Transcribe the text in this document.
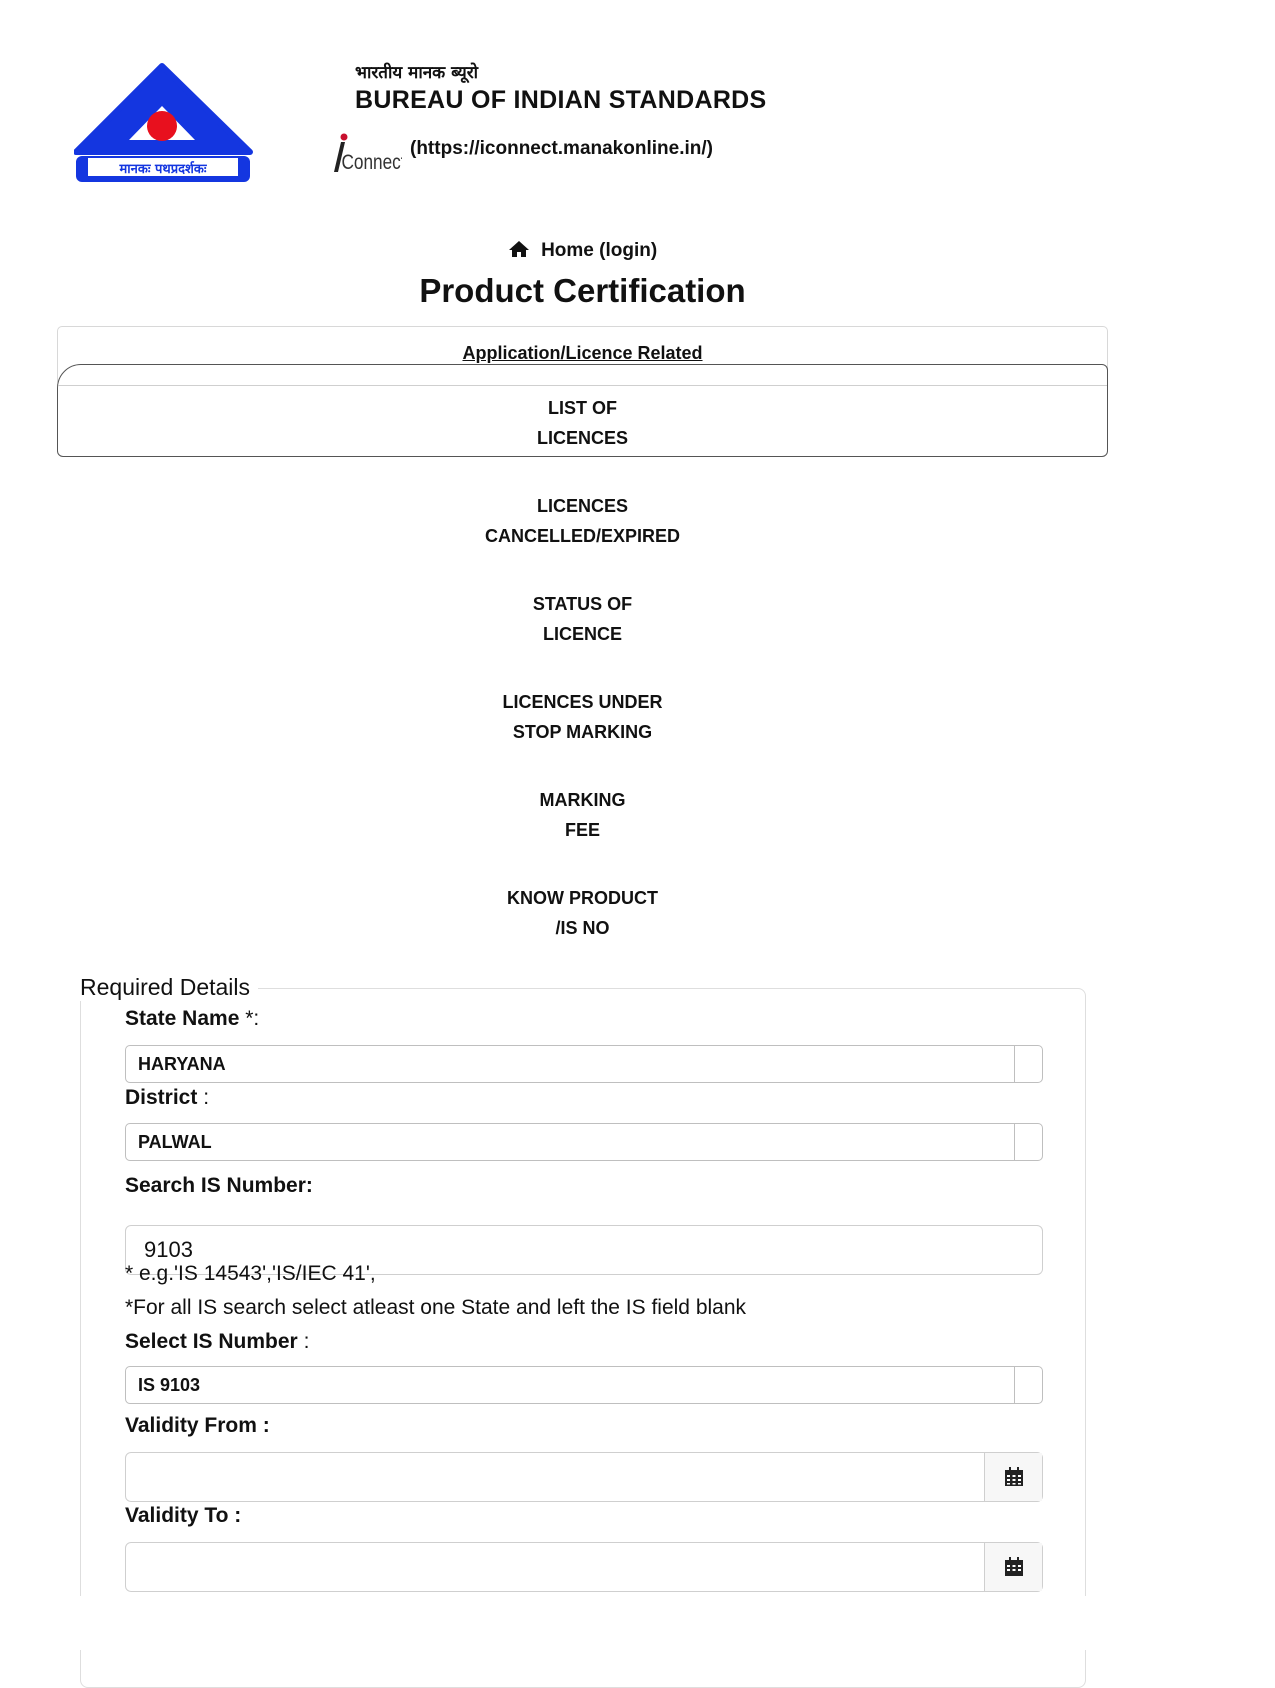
मानकः पथप्रदर्शकः
भारतीय मानक ब्यूरो
BUREAU OF INDIAN STANDARDS
Connect
(https://iconnect.manakonline.in/)
Home (login)
Product Certification
Application/Licence Related
LIST OF
LICENCES
LICENCES
CANCELLED/EXPIRED
STATUS OF
LICENCE
LICENCES UNDER
STOP MARKING
MARKING
FEE
KNOW PRODUCT
/IS NO
Required Details
State Name *:
HARYANA
District :
PALWAL
Search IS Number:
9103
* e.g.'IS 14543','IS/IEC 41',
*For all IS search select atleast one State and left the IS field blank
Select IS Number :
IS 9103
Validity From :
Validity To :
